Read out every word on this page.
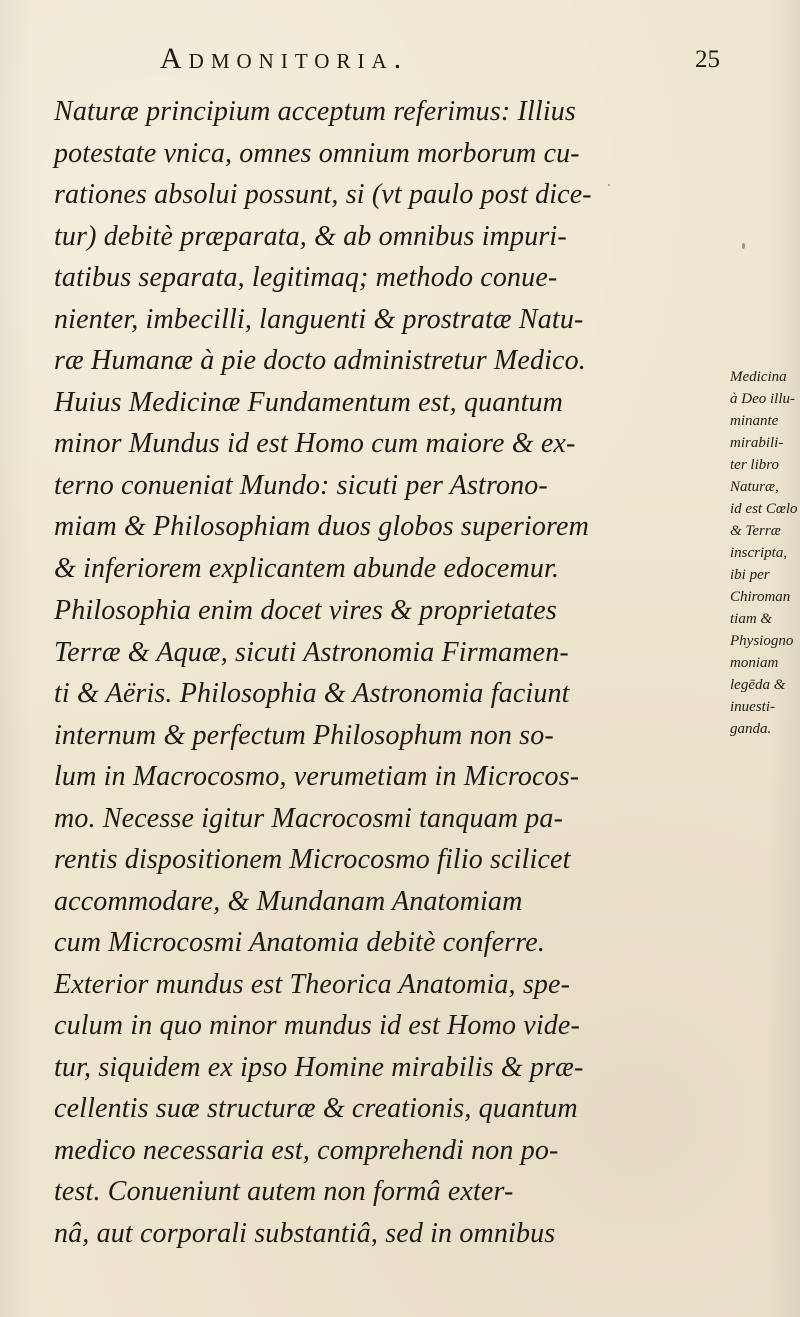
Admonitoria.	25
Naturæ principium acceptum referimus: Illius
potestate vnica, omnes omnium morborum cu-
rationes absolui possunt, si (vt paulo post dice-
tur) debitè præparata, & ab omnibus impuri-
tatibus separata, legitimaq; methodo conue-
nienter, imbecilli, languenti & prostratæ Natu-
ræ Humanæ à pie docto administretur Medico.
Huius Medicinæ Fundamentum est, quantum
minor Mundus id est Homo cum maiore & ex-
terno conueniat Mundo: sicuti per Astrono-
miam & Philosophiam duos globos superiorem
& inferiorem explicantem abunde edocemur.
Philosophia enim docet vires & proprietates
Terræ & Aquæ, sicuti Astronomia Firmamen-
ti & Aëris. Philosophia & Astronomia faciunt
internum & perfectum Philosophum non so-
lum in Macrocosmo, verumetiam in Microcos-
mo. Necesse igitur Macrocosmi tanquam pa-
rentis dispositionem Microcosmo filio scilicet
accommodare, & Mundanam Anatomiam
cum Microcosmi Anatomia debitè conferre.
Exterior mundus est Theorica Anatomia, spe-
culum in quo minor mundus id est Homo vide-
tur, siquidem ex ipso Homine mirabilis & præ-
cellentis suæ structuræ & creationis, quantum
medico necessaria est, comprehendi non po-
test. Conueniunt autem non formâ exter-
nâ, aut corporali substantiâ, sed in omnibus
Medicina
à Deo illu-
minante
mirabili-
ter libro
Naturæ,
id est Cœlo
& Terræ
inscripta,
ibi per
Chiroman
tiam &
Physiogno
moniam
legēda &
inuesti-
ganda.
